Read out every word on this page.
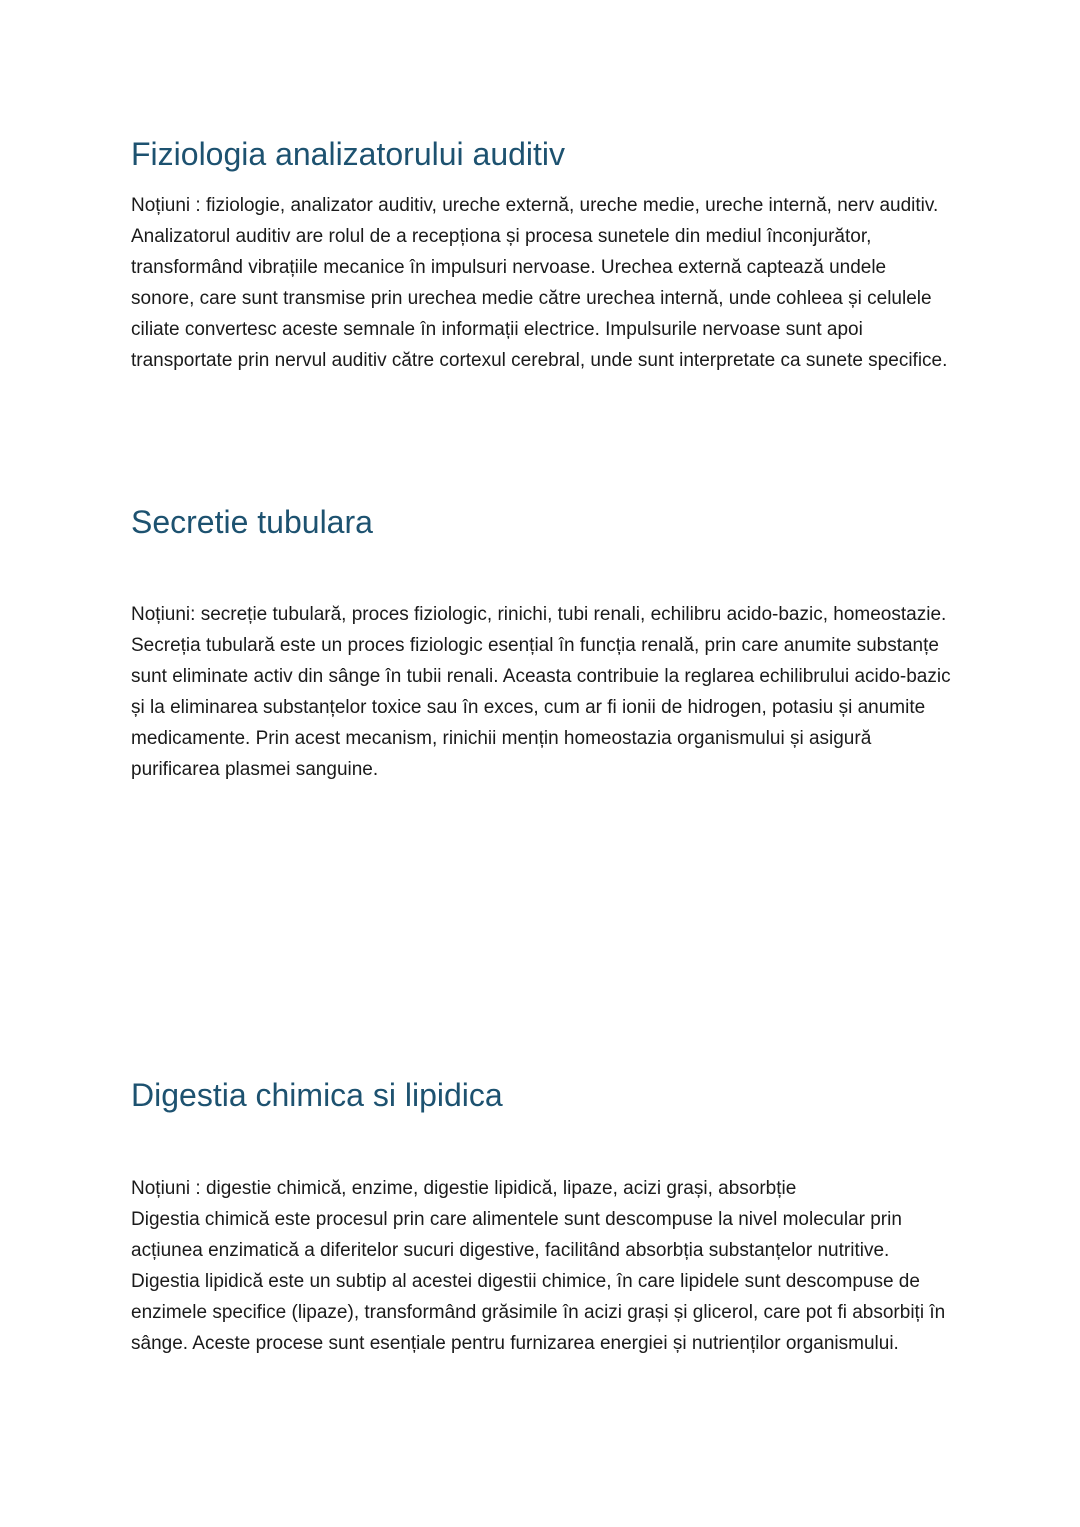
Fiziologia analizatorului auditiv

Noțiuni : fiziologie, analizator auditiv, ureche externă, ureche medie, ureche internă, nerv auditiv.

Analizatorul auditiv are rolul de a recepționa și procesa sunetele din mediul înconjurător, transformând vibrațiile mecanice în impulsuri nervoase. Urechea externă captează undele sonore, care sunt transmise prin urechea medie către urechea internă, unde cohleea și celulele ciliate convertesc aceste semnale în informații electrice. Impulsurile nervoase sunt apoi transportate prin nervul auditiv către cortexul cerebral, unde sunt interpretate ca sunete specifice.

Secretie tubulara

Noțiuni: secreție tubulară, proces fiziologic, rinichi, tubi renali, echilibru acido-bazic, homeostazie.

Secreția tubulară este un proces fiziologic esențial în funcția renală, prin care anumite substanțe sunt eliminate activ din sânge în tubii renali. Aceasta contribuie la reglarea echilibrului acido-bazic și la eliminarea substanțelor toxice sau în exces, cum ar fi ionii de hidrogen, potasiu și anumite medicamente. Prin acest mecanism, rinichii mențin homeostazia organismului și asigură purificarea plasmei sanguine.

Digestia chimica si lipidica

Noțiuni : digestie chimică, enzime, digestie lipidică, lipaze, acizi grași, absorbție

Digestia chimică este procesul prin care alimentele sunt descompuse la nivel molecular prin acțiunea enzimatică a diferitelor sucuri digestive, facilitând absorbția substanțelor nutritive. Digestia lipidică este un subtip al acestei digestii chimice, în care lipidele sunt descompuse de enzimele specifice (lipaze), transformând grăsimile în acizi grași și glicerol, care pot fi absorbiți în sânge. Aceste procese sunt esențiale pentru furnizarea energiei și nutrienților organismului.
